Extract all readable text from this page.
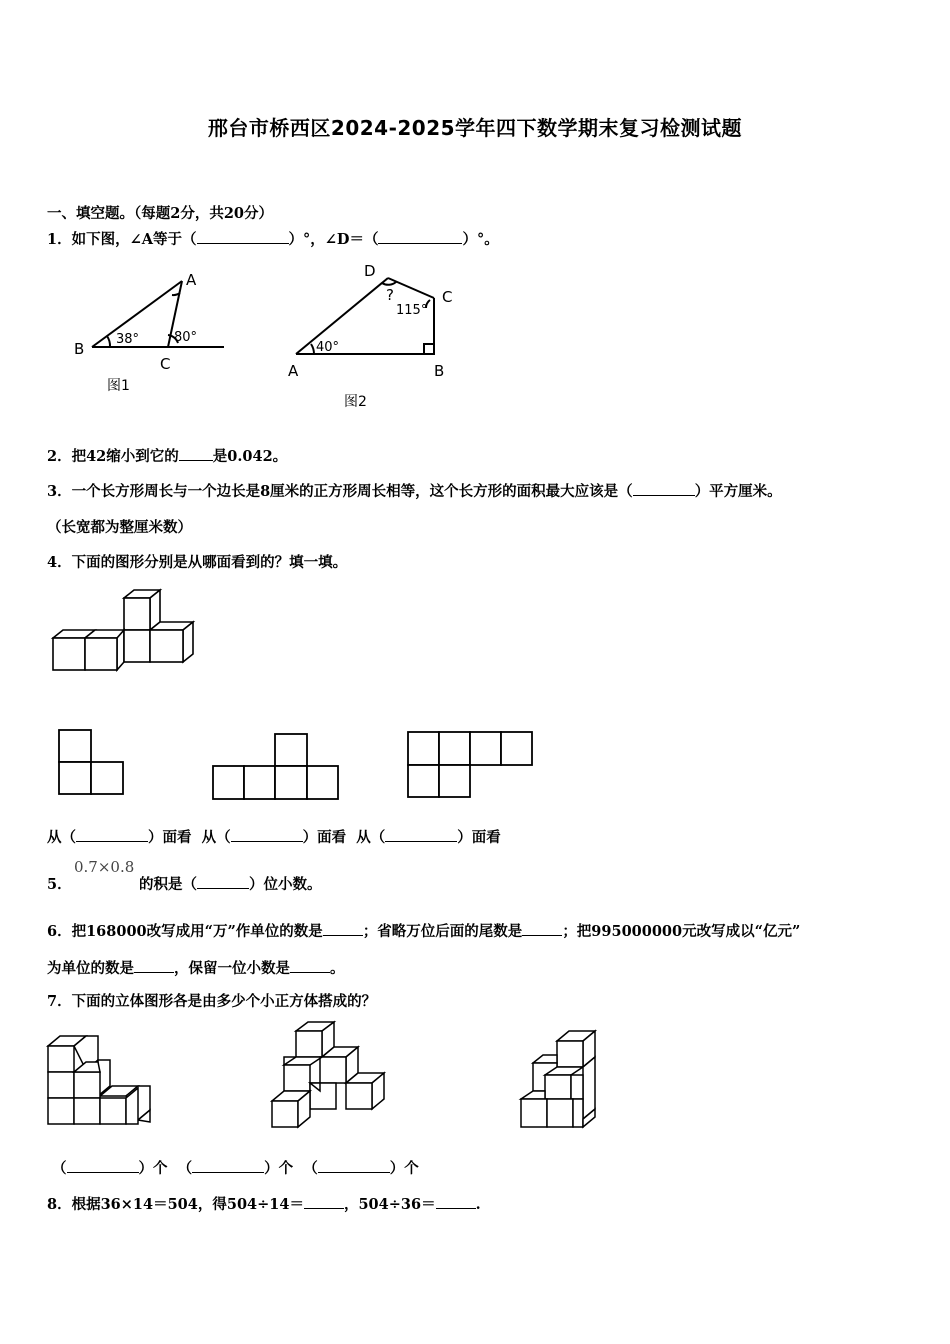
邢台市桥西区2024-2025学年四下数学期末复习检测试题
一、填空题。（每题2分，共20分）
1．如下图，∠A等于（	）°，∠D＝（	）°。
A
B
C
38°	80°
图1
D
C
A	B
40°
115°
?
图2
2．把42缩小到它的 是0.042。
3．一个长方形周长与一个边长是8厘米的正方形周长相等，这个长方形的面积最大应该是（	）平方厘米。
（长宽都为整厘米数）
4．下面的图形分别是从哪面看到的？填一填。
从（	）面看 从（	）面看 从（	）面看
5．
0.7×0.8
的积是（	）位小数。
6．把168000改写成用“万”作单位的数是	；省略万位后面的尾数是	；把995000000元改写成以“亿元”
为单位的数是	，保留一位小数是	。
7．下面的立体图形各是由多少个小正方体搭成的？
（	）个 （	）个 （	）个
8．根据36×14＝504，得504÷14＝	，504÷36＝	.
